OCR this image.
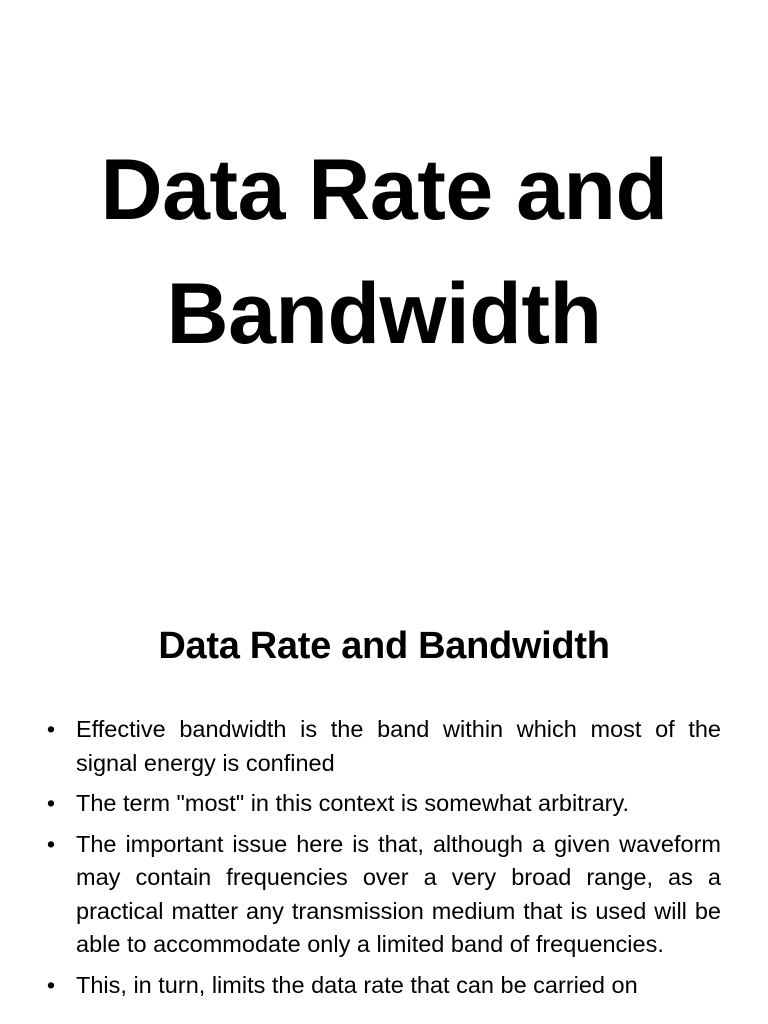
Data Rate and Bandwidth
Data Rate and Bandwidth
• Effective bandwidth is the band within which most of the signal energy is confined
• The term "most" in this context is somewhat arbitrary.
• The important issue here is that, although a given waveform may contain frequencies over a very broad range, as a practical matter any transmission medium that is used will be able to accommodate only a limited band of frequencies.
• This, in turn, limits the data rate that can be carried on
